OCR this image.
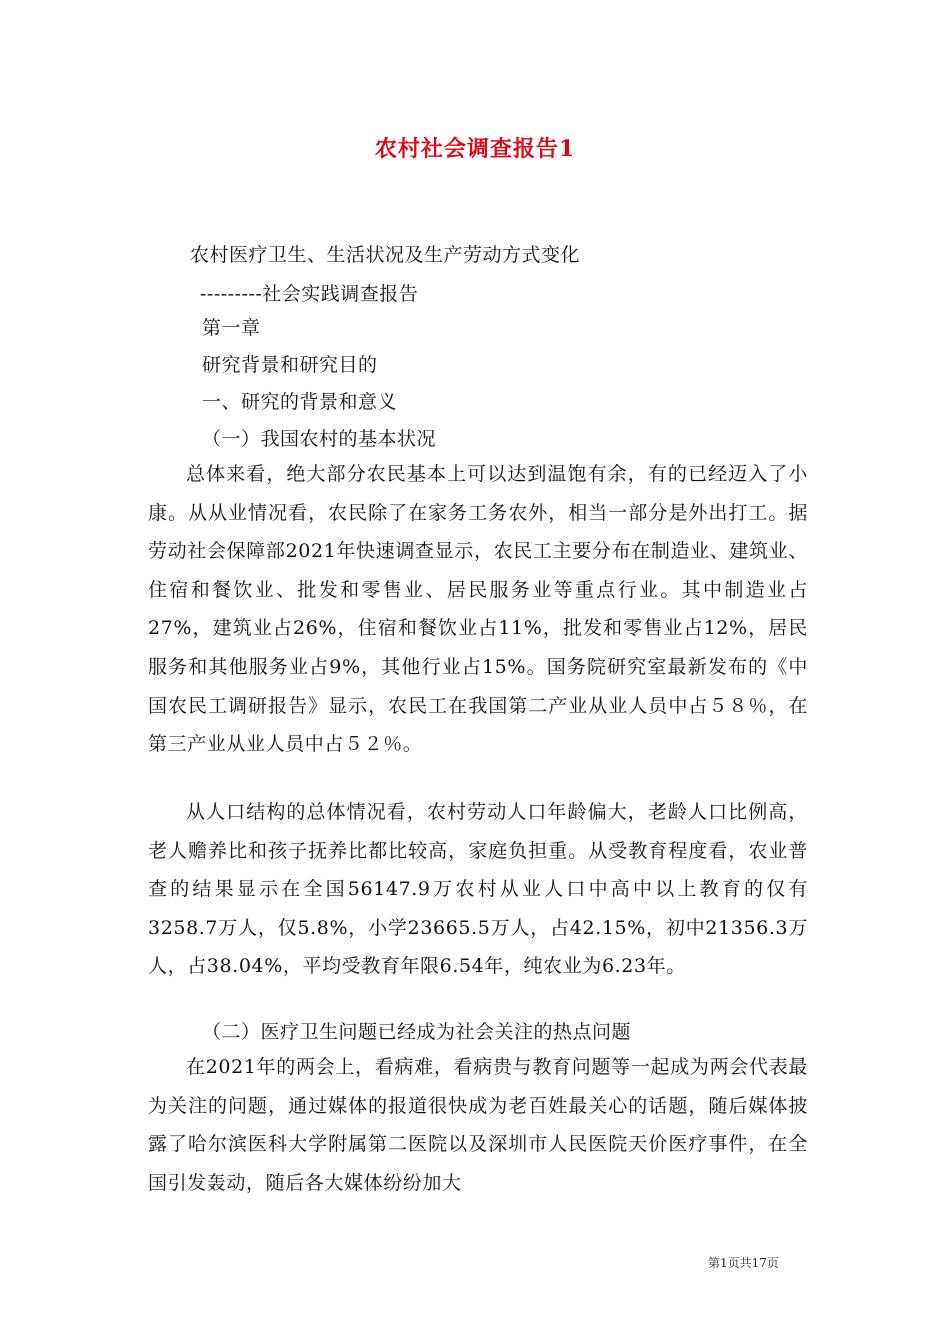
农村社会调查报告1
农村医疗卫生、生活状况及生产劳动方式变化
---------社会实践调查报告
第一章
研究背景和研究目的
一、研究的背景和意义
（一）我国农村的基本状况
总体来看，绝大部分农民基本上可以达到温饱有余，有的已经迈入了小康。从从业情况看，农民除了在家务工务农外，相当一部分是外出打工。据劳动社会保障部2021年快速调查显示，农民工主要分布在制造业、建筑业、住宿和餐饮业、批发和零售业、居民服务业等重点行业。其中制造业占27%，建筑业占26%，住宿和餐饮业占11%，批发和零售业占12%，居民服务和其他服务业占9%，其他行业占15%。国务院研究室最新发布的《中国农民工调研报告》显示，农民工在我国第二产业从业人员中占５８％，在第三产业从业人员中占５２％。
从人口结构的总体情况看，农村劳动人口年龄偏大，老龄人口比例高，老人赡养比和孩子抚养比都比较高，家庭负担重。从受教育程度看，农业普查的结果显示在全国56147.9万农村从业人口中高中以上教育的仅有3258.7万人，仅5.8%，小学23665.5万人，占42.15%，初中21356.3万人，占38.04%，平均受教育年限6.54年，纯农业为6.23年。
（二）医疗卫生问题已经成为社会关注的热点问题
在2021年的两会上，看病难，看病贵与教育问题等一起成为两会代表最为关注的问题，通过媒体的报道很快成为老百姓最关心的话题，随后媒体披露了哈尔滨医科大学附属第二医院以及深圳市人民医院天价医疗事件，在全国引发轰动，随后各大媒体纷纷加大
第1页共17页
